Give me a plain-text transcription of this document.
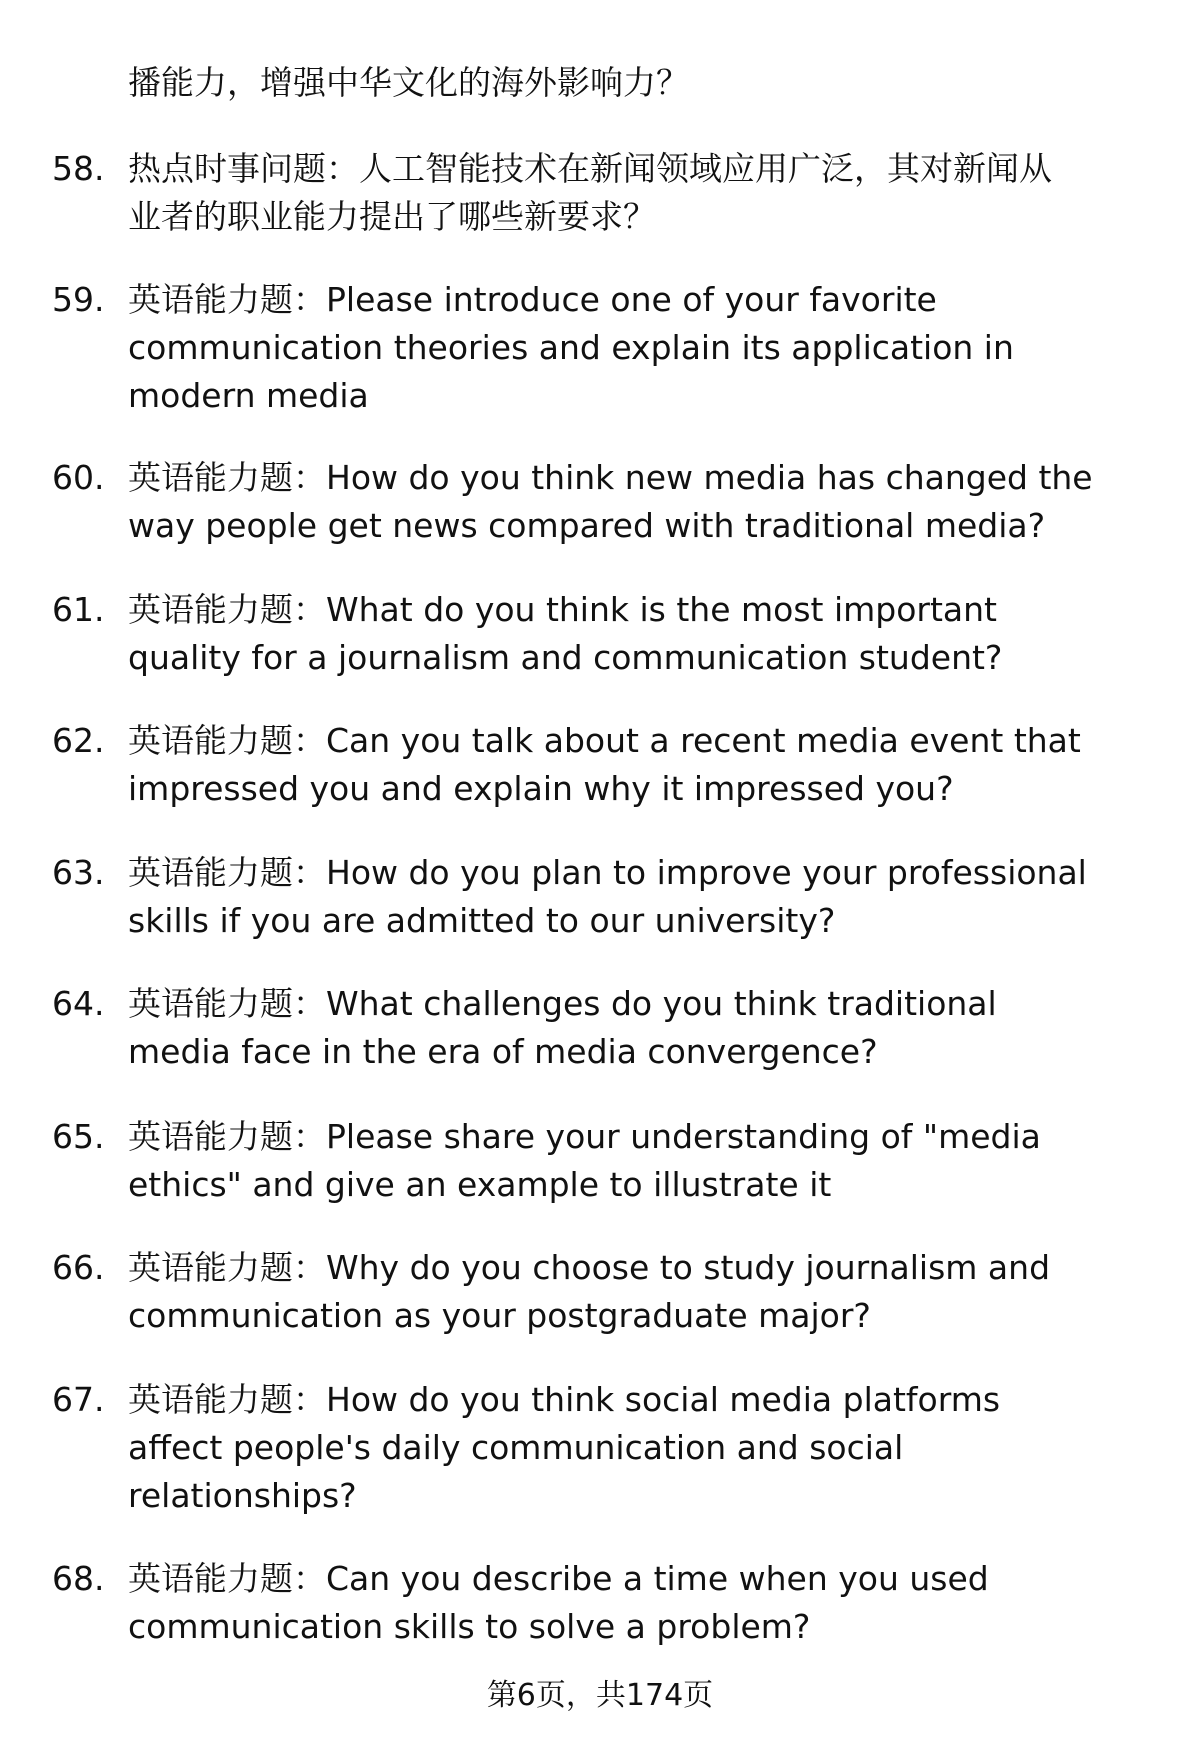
播能力，增强中华文化的海外影响力？
58. 热点时事问题：人工智能技术在新闻领域应用广泛，其对新闻从
业者的职业能力提出了哪些新要求？
59. 英语能力题：Please introduce one of your favorite
communication theories and explain its application in
modern media
60. 英语能力题：How do you think new media has changed the
way people get news compared with traditional media?
61. 英语能力题：What do you think is the most important
quality for a journalism and communication student?
62. 英语能力题：Can you talk about a recent media event that
impressed you and explain why it impressed you?
63. 英语能力题：How do you plan to improve your professional
skills if you are admitted to our university?
64. 英语能力题：What challenges do you think traditional
media face in the era of media convergence?
65. 英语能力题：Please share your understanding of "media
ethics" and give an example to illustrate it
66. 英语能力题：Why do you choose to study journalism and
communication as your postgraduate major?
67. 英语能力题：How do you think social media platforms
affect people's daily communication and social
relationships?
68. 英语能力题：Can you describe a time when you used
communication skills to solve a problem?
第6页，共174页
